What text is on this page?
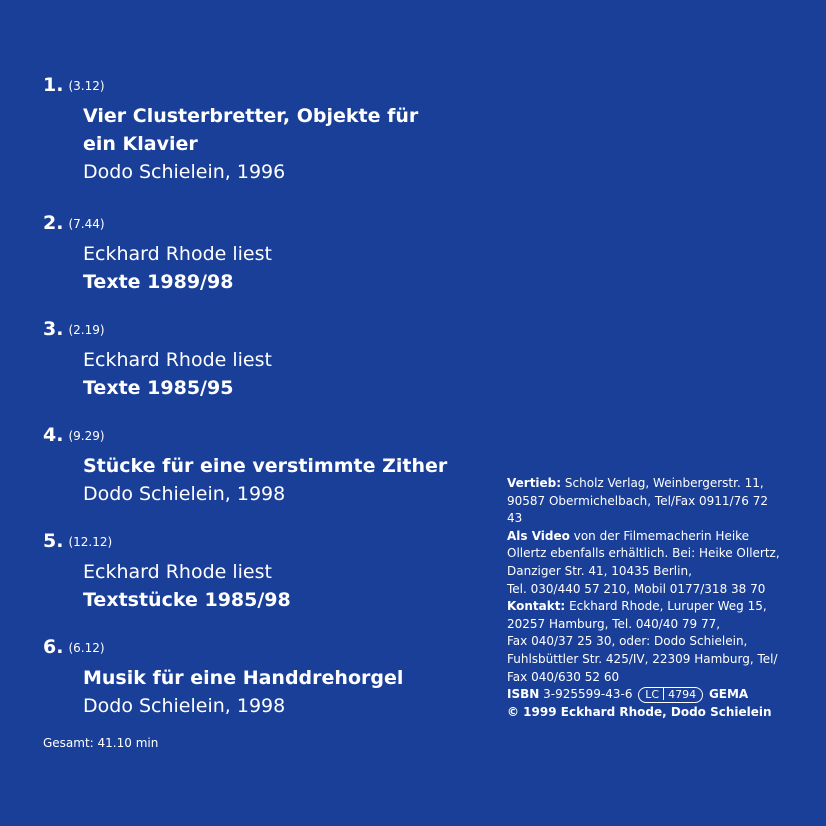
1. (3.12)
Vier Clusterbretter, Objekte für ein Klavier
Dodo Schielein, 1996
2. (7.44)
Eckhard Rhode liest
Texte 1989/98
3. (2.19)
Eckhard Rhode liest
Texte 1985/95
4. (9.29)
Stücke für eine verstimmte Zither
Dodo Schielein, 1998
5. (12.12)
Eckhard Rhode liest
Textstücke 1985/98
6. (6.12)
Musik für eine Handdrehorgel
Dodo Schielein, 1998
Gesamt: 41.10 min

Vertieb: Scholz Verlag, Weinbergerstr. 11,
90587 Obermichelbach, Tel/Fax 0911/76 72
43

Als Video von der Filmemacherin Heike
Ollertz ebenfalls erhältlich. Bei: Heike Ollertz,
Danziger Str. 41, 10435 Berlin,
Tel. 030/440 57 210, Mobil 0177/318 38 70

Kontakt: Eckhard Rhode, Luruper Weg 15,
20257 Hamburg, Tel. 040/40 79 77,
Fax 040/37 25 30, oder: Dodo Schielein,
Fuhlsbüttler Str. 425/IV, 22309 Hamburg, Tel/
Fax 040/630 52 60

ISBN 3-925599-43-6 LC 4794 GEMA

© 1999 Eckhard Rhode, Dodo Schielein
